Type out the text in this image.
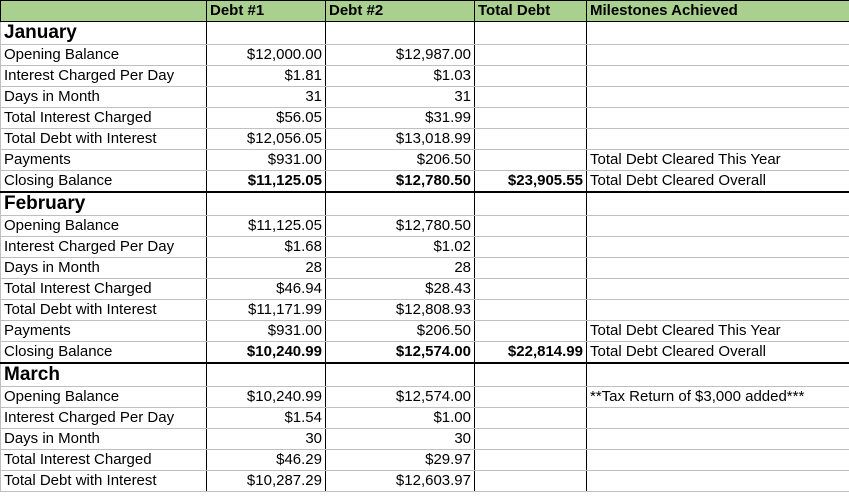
	Debt #1	Debt #2	Total Debt	Milestones Achieved
January				
Opening Balance	$12,000.00	$12,987.00		
Interest Charged Per Day	$1.81	$1.03		
Days in Month	31	31		
Total Interest Charged	$56.05	$31.99		
Total Debt with Interest	$12,056.05	$13,018.99		
Payments	$931.00	$206.50		Total Debt Cleared This Year
Closing Balance	$11,125.05	$12,780.50	$23,905.55	Total Debt Cleared Overall
February				
Opening Balance	$11,125.05	$12,780.50		
Interest Charged Per Day	$1.68	$1.02		
Days in Month	28	28		
Total Interest Charged	$46.94	$28.43		
Total Debt with Interest	$11,171.99	$12,808.93		
Payments	$931.00	$206.50		Total Debt Cleared This Year
Closing Balance	$10,240.99	$12,574.00	$22,814.99	Total Debt Cleared Overall
March				
Opening Balance	$10,240.99	$12,574.00		**Tax Return of $3,000 added***
Interest Charged Per Day	$1.54	$1.00		
Days in Month	30	30		
Total Interest Charged	$46.29	$29.97		
Total Debt with Interest	$10,287.29	$12,603.97		
